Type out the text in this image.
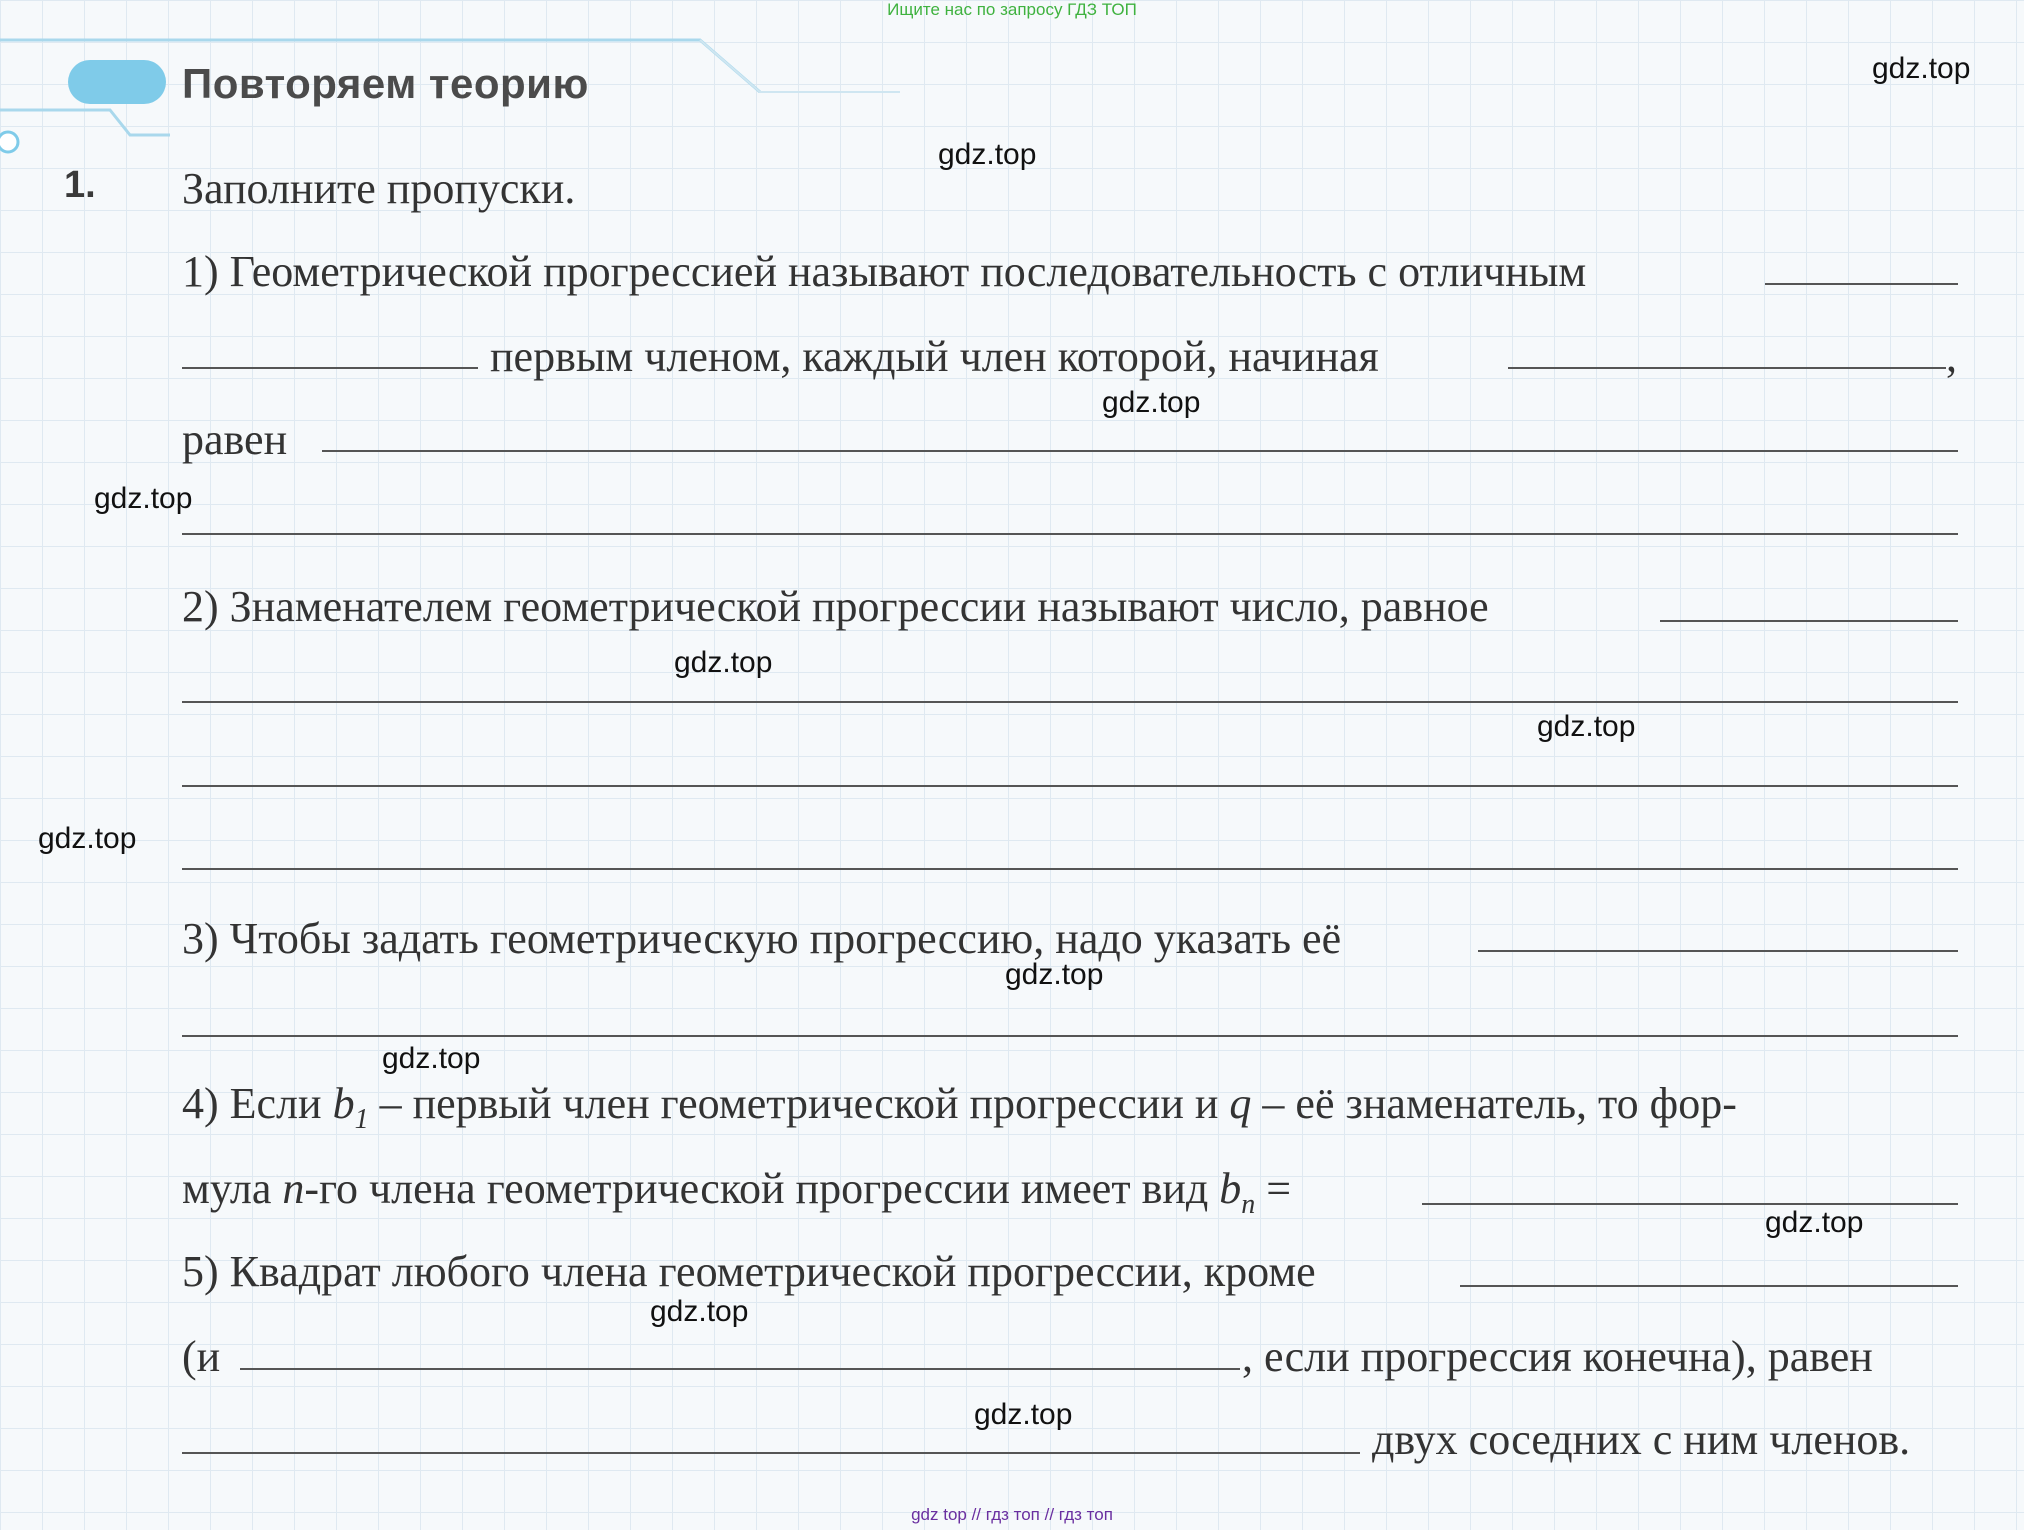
Повторяем теорию
1. Заполните пропуски.
1) Геометрической прогрессией называют последовательность с отличным
первым членом, каждый член которой, начиная	,
равен
2) Знаменателем геометрической прогрессии называют число, равное
3) Чтобы задать геометрическую прогрессию, надо указать её
4) Если $b_1$ – первый член геометрической прогрессии и q – её знаменатель, то фор-
мула n-го члена геометрической прогрессии имеет вид $b_n$ =
5) Квадрат любого члена геометрической прогрессии, кроме
(и	, если прогрессия конечна), равен
двух соседних с ним членов.
gdz.top
gdz.top
gdz.top
gdz.top
gdz.top
gdz.top
gdz.top
gdz.top
gdz.top
gdz.top
gdz.top
gdz.top
Ищите нас по запросу ГДЗ ТОП
gdz top // гдз топ // гдз топ
